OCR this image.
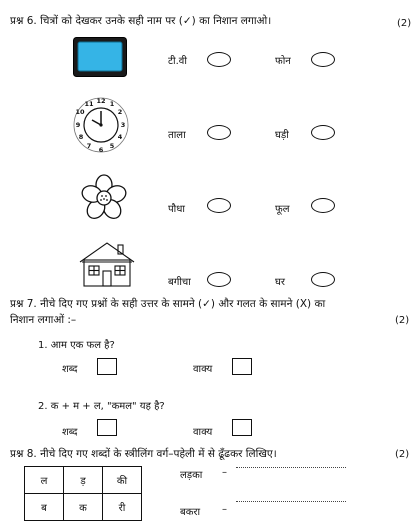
प्रश्न 6. चित्रों को देखकर उनके सही नाम पर (✓) का निशान लगाओ।	(2)
टी.वी	फोन
12 1
2
3
4
5
6
7
8
9
10
11
ताला	घड़ी
पौधा	फूल
बगीचा	घर
प्रश्न 7. नीचे दिए गए प्रश्नों के सही उत्तर के सामने (✓) और गलत के सामने (X) का
निशान लगाओं :–	(2)
1. आम एक फल है?
शब्द	वाक्य
2. क + म + ल, "कमल" यह है?
शब्द	वाक्य
प्रश्न 8. नीचे दिए गए शब्दों के स्त्रीलिंग वर्ग–पहेली में से ढूँढकर लिखिए।	(2)
ल	ड़	की
ब	क	री
लड़का –
बकरा –
